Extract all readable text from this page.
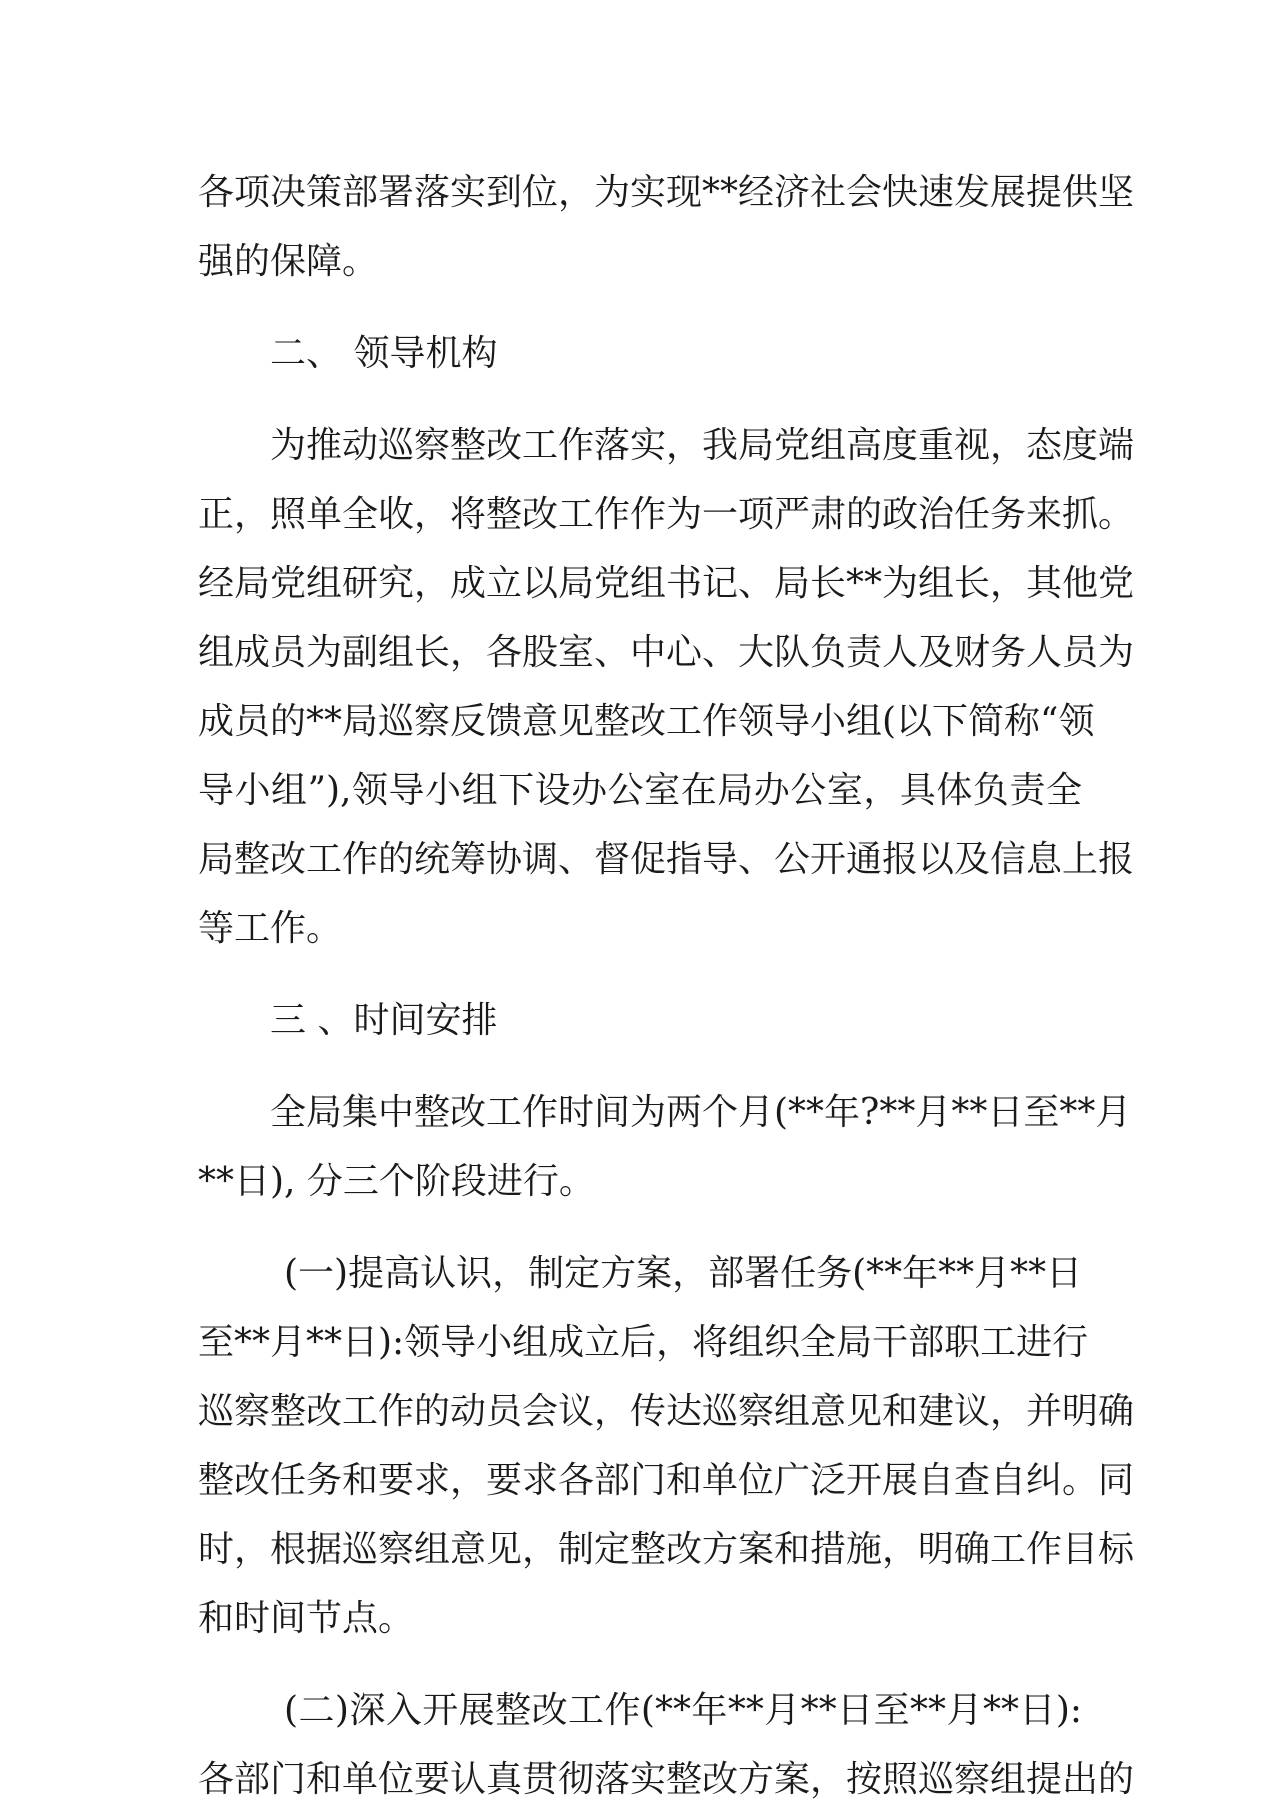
各项决策部署落实到位，为实现**经济社会快速发展提供坚
强的保障。
二、 领导机构
为推动巡察整改工作落实，我局党组高度重视，态度端
正，照单全收，将整改工作作为一项严肃的政治任务来抓。
经局党组研究，成立以局党组书记、局长**为组长，其他党
组成员为副组长，各股室、中心、大队负责人及财务人员为
成员的**局巡察反馈意见整改工作领导小组(以下简称“领
导小组”),领导小组下设办公室在局办公室，具体负责全
局整改工作的统筹协调、督促指导、公开通报以及信息上报
等工作。
三 、时间安排
全局集中整改工作时间为两个月(**年?**月**日至**月
**日), 分三个阶段进行。
(一)提高认识，制定方案，部署任务(**年**月**日
至**月**日):领导小组成立后，将组织全局干部职工进行
巡察整改工作的动员会议，传达巡察组意见和建议，并明确
整改任务和要求，要求各部门和单位广泛开展自查自纠。同
时，根据巡察组意见，制定整改方案和措施，明确工作目标
和时间节点。
(二)深入开展整改工作(**年**月**日至**月**日):
各部门和单位要认真贯彻落实整改方案，按照巡察组提出的
